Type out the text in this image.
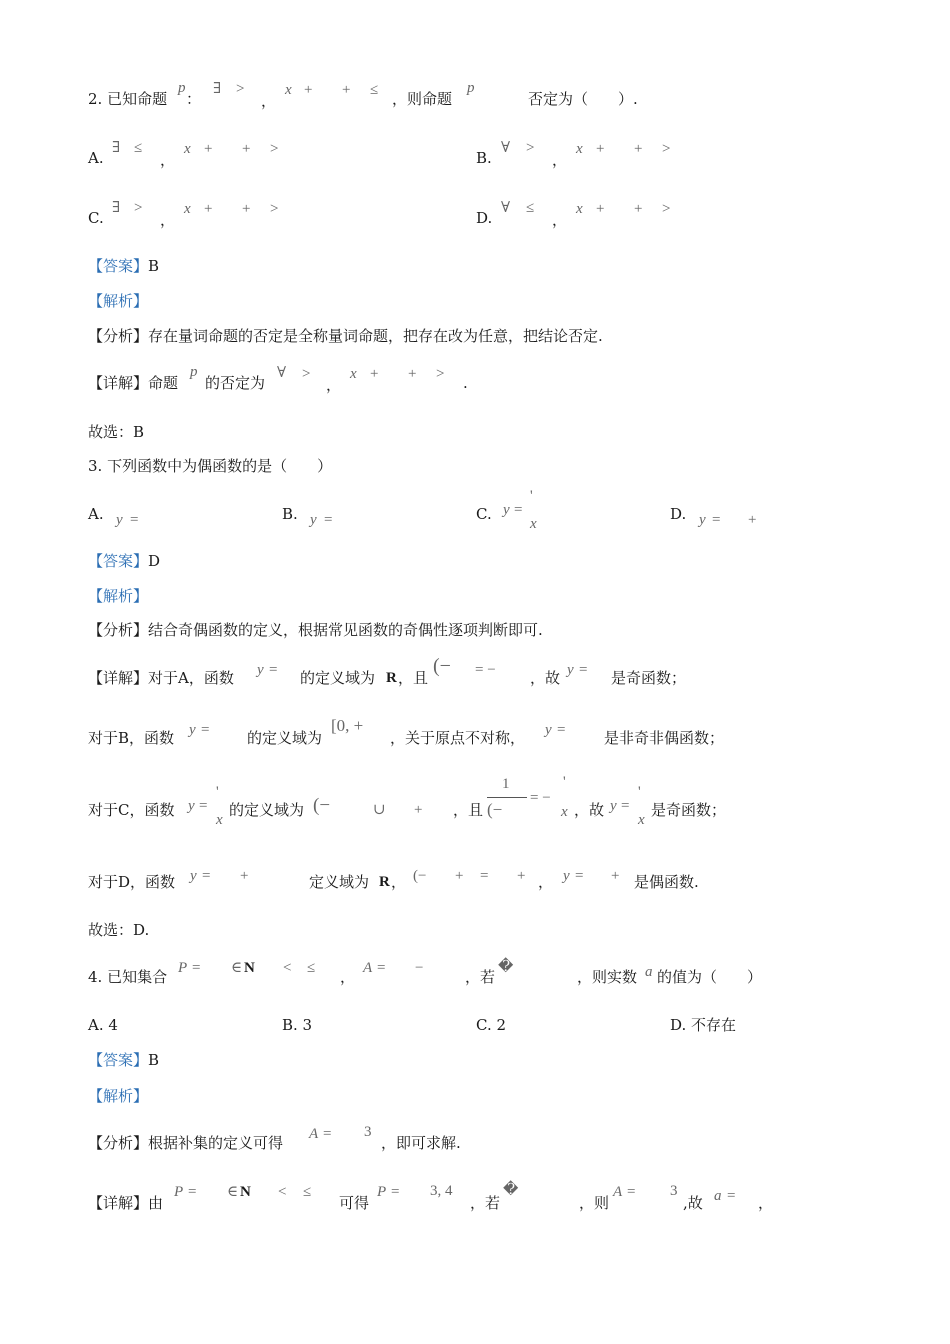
2. 已知命题
p
：
∃ >
，
x + + ≤ ，则命题
p
否定为（　　）.
A.
∃ ≤
，
x + + >	B.
∀ >
，
x + + >
C.
∃ >
，
x + + >	D.
∀ ≤
，
x + + >
【答案】B
【解析】
【分析】存在量词命题的否定是全称量词命题，把存在改为任意，把结论否定.
【详解】命题
p
的否定为
∀ >
，
x + + > .
故选：B
3. 下列函数中为偶函数的是（　　）
A. y =	B. y =	C. y =
'
x
D. y = +
【答案】D
【解析】
【分析】结合奇偶函数的定义，根据常见函数的奇偶性逐项判断即可.
【详解】对于A，函数 y = 的定义域为 R ，且
(− = − ，故 y = 是奇函数；
对于B，函数 y =	的定义域为
[0, +
，关于原点不对称， y =	是非奇非偶函数；
对于C，函数 y =
'
x
的定义域为 (−	∪ + ，且
1
(−
= −
'
x ，故 y =
'
x
是奇函数；
对于D，函数 y = +	定义域为 R ， (− + = + ， y = + 是偶函数.
故选：D.
4. 已知集合 P = ∈ N < ≤ ， A = −	，若
�
，则实数 a 的值为（　　）
A. 4	B. 3	C. 2	D. 不存在
【答案】B
【解析】
【分析】根据补集的定义可得 A = 3
，即可求解.
【详解】由
P = ∈ N < ≤
可得
P = 3, 4
，若
�
，则
A = 3
,故 a = ，
